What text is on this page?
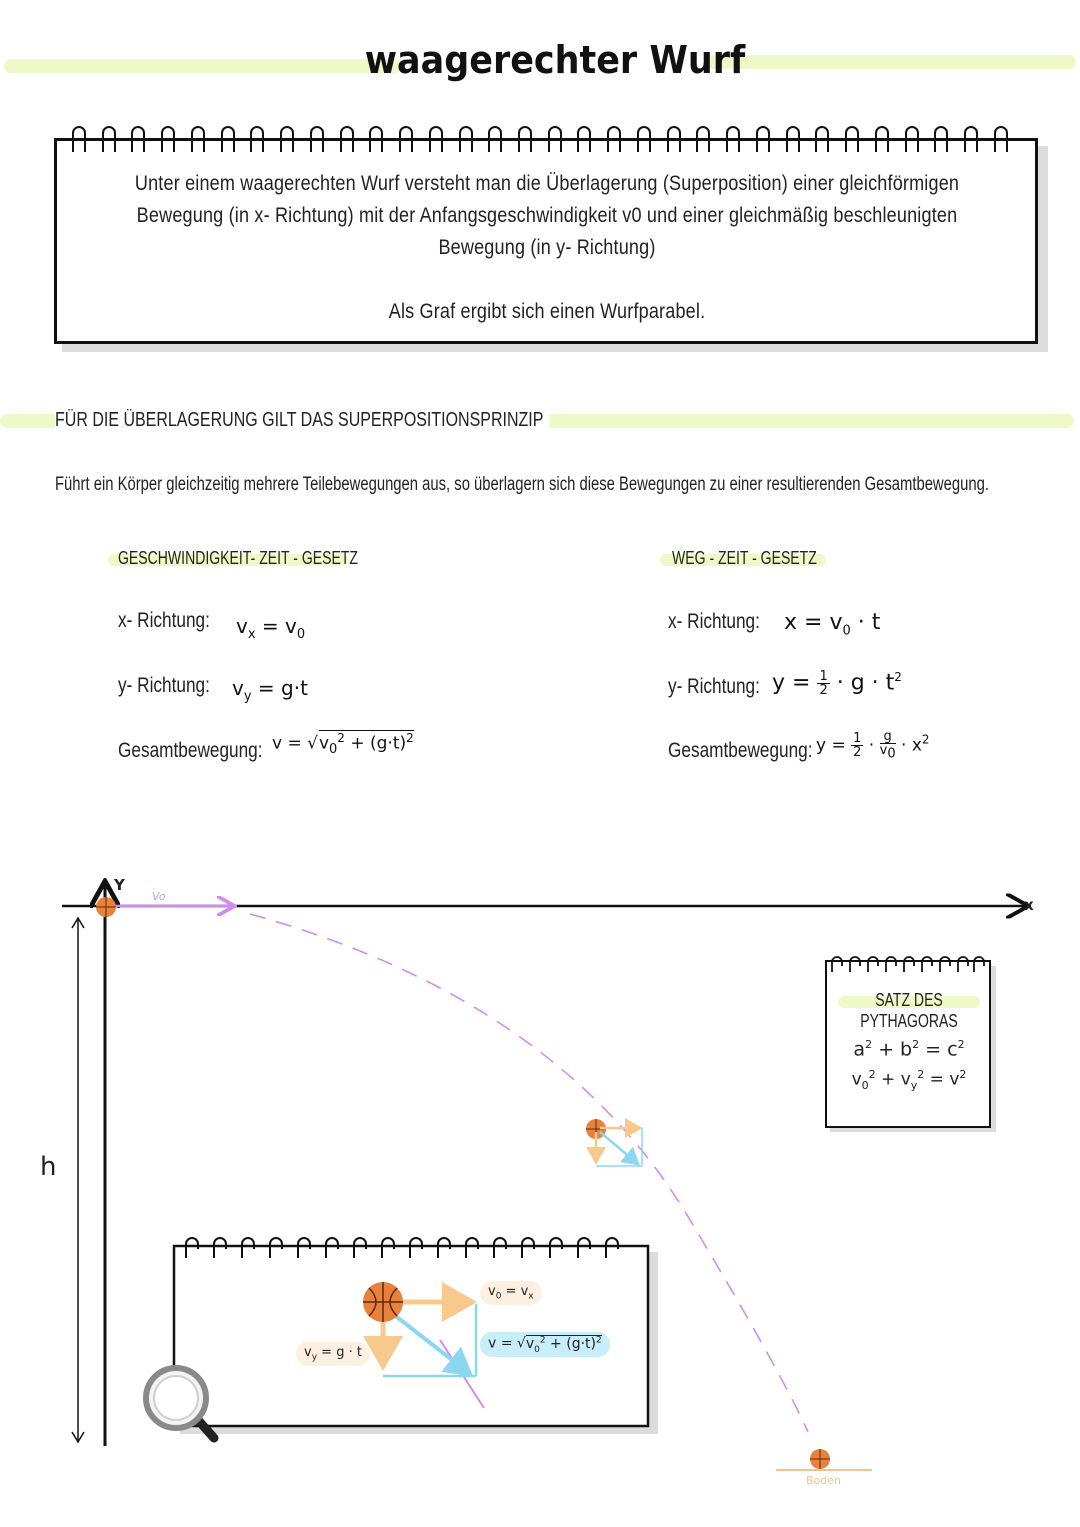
waagerechter Wurf

Unter einem waagerechten Wurf versteht man die Überlagerung (Superposition) einer gleichförmigen

Bewegung (in x- Richtung) mit der Anfangsgeschwindigkeit v0 und einer gleichmäßig beschleunigten

Bewegung (in y- Richtung)

Als Graf ergibt sich einen Wurfparabel.

FÜR DIE ÜBERLAGERUNG GILT DAS SUPERPOSITIONSPRINZIP
Führt ein Körper gleichzeitig mehrere Teilebewegungen aus, so überlagern sich diese Bewegungen zu einer resultierenden Gesamtbewegung.
GESCHWINDIGKEIT- ZEIT - GESETZ
x- Richtung: $v_x = v_0$
y- Richtung: $v_y = g\cdot t$
Gesamtbewegung: $v = √v_0^2 + (g\cdot t)^2$
WEG - ZEIT - GESETZ
x- Richtung: $x = v_0 \cdot t$
y- Richtung: $y = \frac{1}{2} \cdot g \cdot t^2$
Gesamtbewegung: $y = \frac{1}{2} \cdot \frac{g}{v_0} \cdot x^2$
Y
x
h
Vo
Boden
SATZ DES PYTHAGORAS
$a^2 + b^2 = c^2$
$v_0^2 + v_y^2 = v^2$
$v_0 = v_x$
$v_y = g \cdot t$
$v = √v_0^2 + (g\cdot t)^2$
